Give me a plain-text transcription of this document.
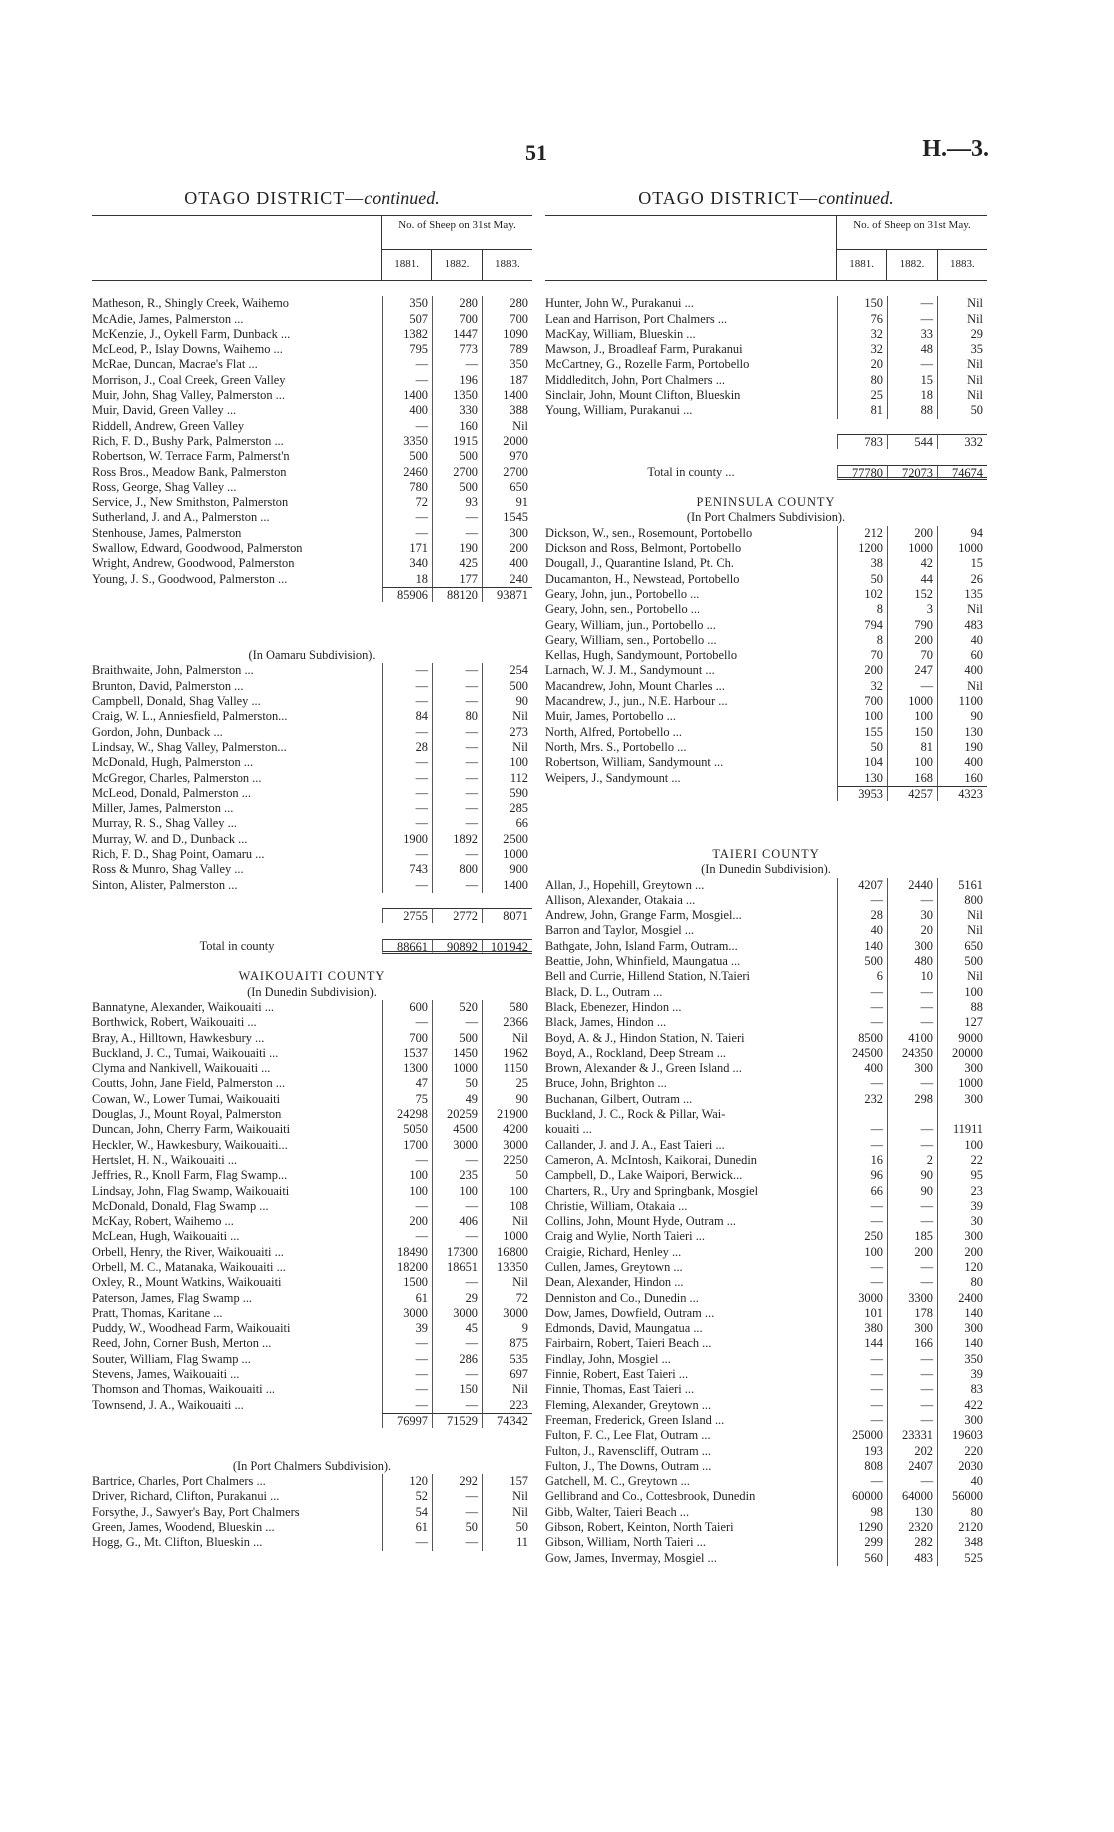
51	H.—3.
OTAGO DISTRICT—continued.
No. of Sheep on 31st May.
1881.	1882.	1883.
Matheson, R., Shingly Creek, Waihemo	350	280	280
McAdie, James, Palmerston ...	507	700	700
McKenzie, J., Oykell Farm, Dunback ...	1382	1447	1090
McLeod, P., Islay Downs, Waihemo ...	795	773	789
McRae, Duncan, Macrae's Flat ...	—	—	350
Morrison, J., Coal Creek, Green Valley	—	196	187
Muir, John, Shag Valley, Palmerston ...	1400	1350	1400
Muir, David, Green Valley ...	400	330	388
Riddell, Andrew, Green Valley	—	160	Nil
Rich, F. D., Bushy Park, Palmerston ...	3350	1915	2000
Robertson, W. Terrace Farm, Palmerst'n	500	500	970
Ross Bros., Meadow Bank, Palmerston	2460	2700	2700
Ross, George, Shag Valley ...	780	500	650
Service, J., New Smithston, Palmerston	72	93	91
Sutherland, J. and A., Palmerston ...	—	—	1545
Stenhouse, James, Palmerston	—	—	300
Swallow, Edward, Goodwood, Palmerston	171	190	200
Wright, Andrew, Goodwood, Palmerston	340	425	400
Young, J. S., Goodwood, Palmerston ...	18	177	240
85906	88120	93871
(In Oamaru Subdivision).
Braithwaite, John, Palmerston ...	—	—	254
Brunton, David, Palmerston ...	—	—	500
Campbell, Donald, Shag Valley ...	—	—	90
Craig, W. L., Anniesfield, Palmerston...	84	80	Nil
Gordon, John, Dunback ...	—	—	273
Lindsay, W., Shag Valley, Palmerston...	28	—	Nil
McDonald, Hugh, Palmerston ...	—	—	100
McGregor, Charles, Palmerston ...	—	—	112
McLeod, Donald, Palmerston ...	—	—	590
Miller, James, Palmerston ...	—	—	285
Murray, R. S., Shag Valley ...	—	—	66
Murray, W. and D., Dunback ...	1900	1892	2500
Rich, F. D., Shag Point, Oamaru ...	—	—	1000
Ross & Munro, Shag Valley ...	743	800	900
Sinton, Alister, Palmerston ...	—	—	1400
2755	2772	8071
Total in county	88661	90892	101942
WAIKOUAITI COUNTY
(In Dunedin Subdivision).
Bannatyne, Alexander, Waikouaiti ...	600	520	580
Borthwick, Robert, Waikouaiti ...	—	—	2366
Bray, A., Hilltown, Hawkesbury ...	700	500	Nil
Buckland, J. C., Tumai, Waikouaiti ...	1537	1450	1962
Clyma and Nankivell, Waikouaiti ...	1300	1000	1150
Coutts, John, Jane Field, Palmerston ...	47	50	25
Cowan, W., Lower Tumai, Waikouaiti	75	49	90
Douglas, J., Mount Royal, Palmerston	24298	20259	21900
Duncan, John, Cherry Farm, Waikouaiti	5050	4500	4200
Heckler, W., Hawkesbury, Waikouaiti...	1700	3000	3000
Hertslet, H. N., Waikouaiti ...	—	—	2250
Jeffries, R., Knoll Farm, Flag Swamp...	100	235	50
Lindsay, John, Flag Swamp, Waikouaiti	100	100	100
McDonald, Donald, Flag Swamp ...	—	—	108
McKay, Robert, Waihemo ...	200	406	Nil
McLean, Hugh, Waikouaiti ...	—	—	1000
Orbell, Henry, the River, Waikouaiti ...	18490	17300	16800
Orbell, M. C., Matanaka, Waikouaiti ...	18200	18651	13350
Oxley, R., Mount Watkins, Waikouaiti	1500	—	Nil
Paterson, James, Flag Swamp ...	61	29	72
Pratt, Thomas, Karitane ...	3000	3000	3000
Puddy, W., Woodhead Farm, Waikouaiti	39	45	9
Reed, John, Corner Bush, Merton ...	—	—	875
Souter, William, Flag Swamp ...	—	286	535
Stevens, James, Waikouaiti ...	—	—	697
Thomson and Thomas, Waikouaiti ...	—	150	Nil
Townsend, J. A., Waikouaiti ...	—	—	223
76997	71529	74342
(In Port Chalmers Subdivision).
Bartrice, Charles, Port Chalmers ...	120	292	157
Driver, Richard, Clifton, Purakanui ...	52	—	Nil
Forsythe, J., Sawyer's Bay, Port Chalmers	54	—	Nil
Green, James, Woodend, Blueskin ...	61	50	50
Hogg, G., Mt. Clifton, Blueskin ...	—	—	11
OTAGO DISTRICT—continued.
No. of Sheep on 31st May.
1881.	1882.	1883.
Hunter, John W., Purakanui ...	150	—	Nil
Lean and Harrison, Port Chalmers ...	76	—	Nil
MacKay, William, Blueskin ...	32	33	29
Mawson, J., Broadleaf Farm, Purakanui	32	48	35
McCartney, G., Rozelle Farm, Portobello	20	—	Nil
Middleditch, John, Port Chalmers ...	80	15	Nil
Sinclair, John, Mount Clifton, Blueskin	25	18	Nil
Young, William, Purakanui ...	81	88	50
783	544	332
Total in county ...	77780	72073	74674
PENINSULA COUNTY
(In Port Chalmers Subdivision).
Dickson, W., sen., Rosemount, Portobello	212	200	94
Dickson and Ross, Belmont, Portobello	1200	1000	1000
Dougall, J., Quarantine Island, Pt. Ch.	38	42	15
Ducamanton, H., Newstead, Portobello	50	44	26
Geary, John, jun., Portobello ...	102	152	135
Geary, John, sen., Portobello ...	8	3	Nil
Geary, William, jun., Portobello ...	794	790	483
Geary, William, sen., Portobello ...	8	200	40
Kellas, Hugh, Sandymount, Portobello	70	70	60
Larnach, W. J. M., Sandymount ...	200	247	400
Macandrew, John, Mount Charles ...	32	—	Nil
Macandrew, J., jun., N.E. Harbour ...	700	1000	1100
Muir, James, Portobello ...	100	100	90
North, Alfred, Portobello ...	155	150	130
North, Mrs. S., Portobello ...	50	81	190
Robertson, William, Sandymount ...	104	100	400
Weipers, J., Sandymount ...	130	168	160
3953	4257	4323
TAIERI COUNTY
(In Dunedin Subdivision).
Allan, J., Hopehill, Greytown ...	4207	2440	5161
Allison, Alexander, Otakaia ...	—	—	800
Andrew, John, Grange Farm, Mosgiel...	28	30	Nil
Barron and Taylor, Mosgiel ...	40	20	Nil
Bathgate, John, Island Farm, Outram...	140	300	650
Beattie, John, Whinfield, Maungatua ...	500	480	500
Bell and Currie, Hillend Station, N.Taieri	6	10	Nil
Black, D. L., Outram ...	—	—	100
Black, Ebenezer, Hindon ...	—	—	88
Black, James, Hindon ...	—	—	127
Boyd, A. & J., Hindon Station, N. Taieri	8500	4100	9000
Boyd, A., Rockland, Deep Stream ...	24500	24350	20000
Brown, Alexander & J., Green Island ...	400	300	300
Bruce, John, Brighton ...	—	—	1000
Buchanan, Gilbert, Outram ...	232	298	300
Buckland, J. C., Rock & Pillar, Wai-
kouaiti ...	—	—	11911
Callander, J. and J. A., East Taieri ...	—	—	100
Cameron, A. McIntosh, Kaikorai, Dunedin	16	2	22
Campbell, D., Lake Waipori, Berwick...	96	90	95
Charters, R., Ury and Springbank, Mosgiel	66	90	23
Christie, William, Otakaia ...	—	—	39
Collins, John, Mount Hyde, Outram ...	—	—	30
Craig and Wylie, North Taieri ...	250	185	300
Craigie, Richard, Henley ...	100	200	200
Cullen, James, Greytown ...	—	—	120
Dean, Alexander, Hindon ...	—	—	80
Denniston and Co., Dunedin ...	3000	3300	2400
Dow, James, Dowfield, Outram ...	101	178	140
Edmonds, David, Maungatua ...	380	300	300
Fairbairn, Robert, Taieri Beach ...	144	166	140
Findlay, John, Mosgiel ...	—	—	350
Finnie, Robert, East Taieri ...	—	—	39
Finnie, Thomas, East Taieri ...	—	—	83
Fleming, Alexander, Greytown ...	—	—	422
Freeman, Frederick, Green Island ...	—	—	300
Fulton, F. C., Lee Flat, Outram ...	25000	23331	19603
Fulton, J., Ravenscliff, Outram ...	193	202	220
Fulton, J., The Downs, Outram ...	808	2407	2030
Gatchell, M. C., Greytown ...	—	—	40
Gellibrand and Co., Cottesbrook, Dunedin	60000	64000	56000
Gibb, Walter, Taieri Beach ...	98	130	80
Gibson, Robert, Keinton, North Taieri	1290	2320	2120
Gibson, William, North Taieri ...	299	282	348
Gow, James, Invermay, Mosgiel ...	560	483	525
